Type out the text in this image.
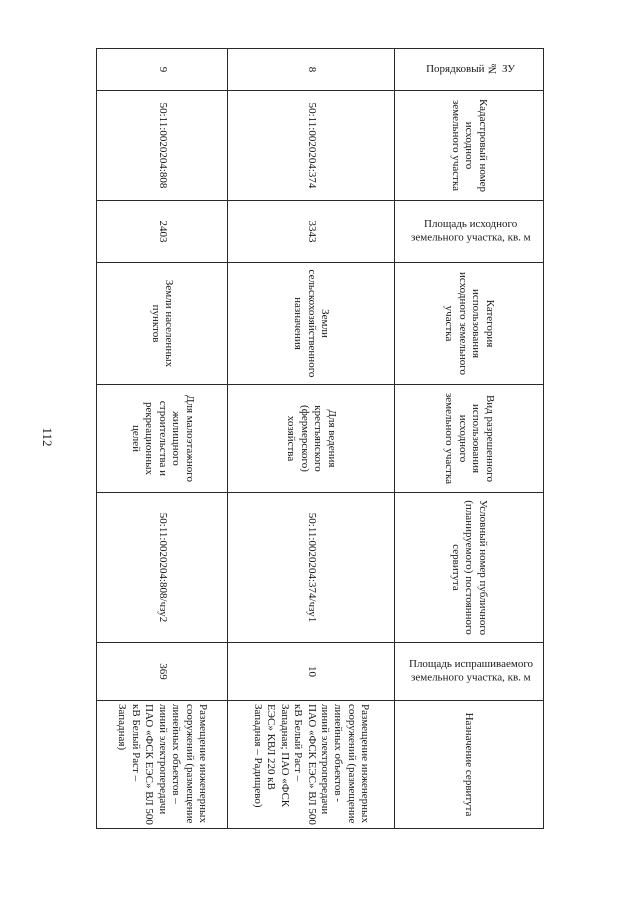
112
Порядковый № ЗУ	Кадастровый номер исходного земельного участка	Площадь исходного земельного участка, кв. м	Категория использования исходного земельного участка	Вид разрешенного использования исходного земельного участка	Условный номер публичного (планируемого) постоянного сервитута	Площадь испрашиваемого земельного участка, кв. м	Назначение сервитута
8	50:11:0020204:374	3343	Земли сельскохозяйственного назначения	Для ведения крестьянского (фермерского) хозяйства	50:11:0020204:374/чзу1	10	Размещение инженерных сооружений (размещение линейных объектов - линий электропередачи ПАО «ФСК ЕЭС» ВЛ 500 кВ Белый Раст – Западная; ПАО «ФСК ЕЭС» КВЛ 220 кВ Западная – Радищево)
9	50:11:0020204:808	2403	Земли населенных пунктов	Для малоэтажного жилищного строительства и рекреационных целей	50:11:0020204:808/чзу2	369	Размещение инженерных сооружений (размещение линейных объектов – линий электропередачи ПАО «ФСК ЕЭС» ВЛ 500 кВ Белый Раст – Западная)
